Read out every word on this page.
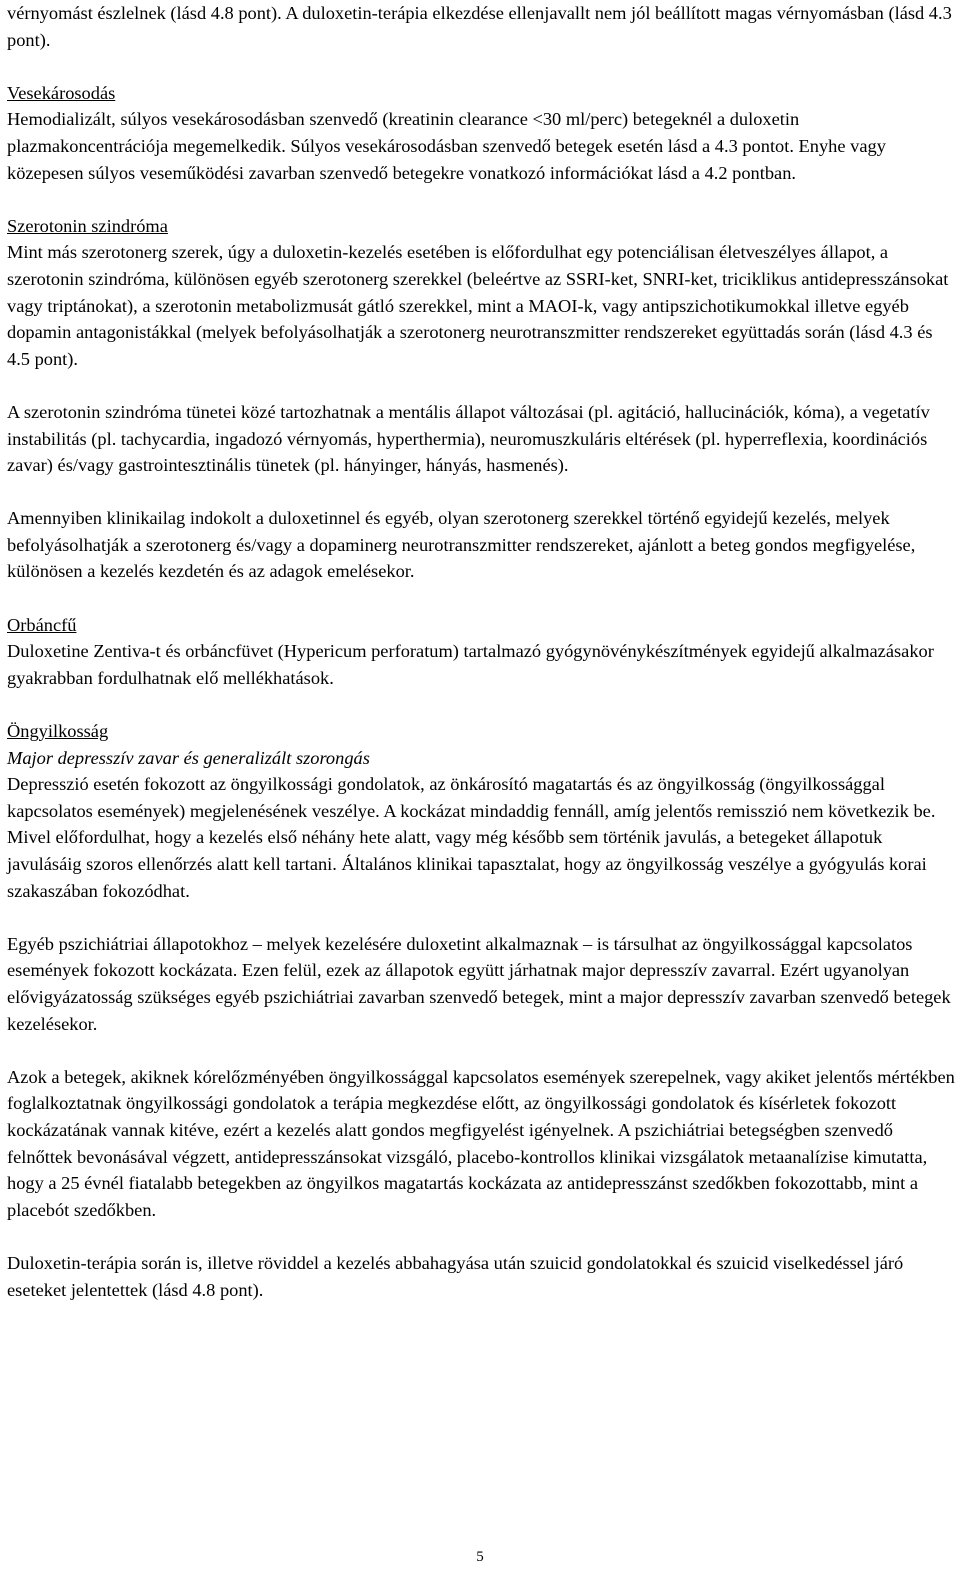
vérnyomást észlelnek (lásd 4.8 pont). A duloxetin-terápia elkezdése ellenjavallt nem jól beállított magas vérnyomásban (lásd 4.3 pont).

Vesekárosodás

Hemodializált, súlyos vesekárosodásban szenvedő (kreatinin clearance <30 ml/perc) betegeknél a duloxetin plazmakoncentrációja megemelkedik. Súlyos vesekárosodásban szenvedő betegek esetén lásd a 4.3 pontot. Enyhe vagy közepesen súlyos veseműködési zavarban szenvedő betegekre vonatkozó információkat lásd a 4.2 pontban.

Szerotonin szindróma

Mint más szerotonerg szerek, úgy a duloxetin-kezelés esetében is előfordulhat egy potenciálisan életveszélyes állapot, a szerotonin szindróma, különösen egyéb szerotonerg szerekkel (beleértve az SSRI-ket, SNRI-ket, triciklikus antidepresszánsokat vagy triptánokat), a szerotonin metabolizmusát gátló szerekkel, mint a MAOI-k, vagy antipszichotikumokkal illetve egyéb dopamin antagonistákkal (melyek befolyásolhatják a szerotonerg neurotranszmitter rendszereket együttadás során (lásd 4.3 és 4.5 pont).

A szerotonin szindróma tünetei közé tartozhatnak a mentális állapot változásai (pl. agitáció, hallucinációk, kóma), a vegetatív instabilitás (pl. tachycardia, ingadozó vérnyomás, hyperthermia), neuromuszkuláris eltérések (pl. hyperreflexia, koordinációs zavar) és/vagy gastrointesztinális tünetek (pl. hányinger, hányás, hasmenés).

Amennyiben klinikailag indokolt a duloxetinnel és egyéb, olyan szerotonerg szerekkel történő egyidejű kezelés, melyek befolyásolhatják a szerotonerg és/vagy a dopaminerg neurotranszmitter rendszereket, ajánlott a beteg gondos megfigyelése, különösen a kezelés kezdetén és az adagok emelésekor.

Orbáncfű

Duloxetine Zentiva-t és orbáncfüvet (Hypericum perforatum) tartalmazó gyógynövénykészítmények egyidejű alkalmazásakor gyakrabban fordulhatnak elő mellékhatások.

Öngyilkosság

Major depresszív zavar és generalizált szorongás

Depresszió esetén fokozott az öngyilkossági gondolatok, az önkárosító magatartás és az öngyilkosság (öngyilkossággal kapcsolatos események) megjelenésének veszélye. A kockázat mindaddig fennáll, amíg jelentős remisszió nem következik be. Mivel előfordulhat, hogy a kezelés első néhány hete alatt, vagy még később sem történik javulás, a betegeket állapotuk javulásáig szoros ellenőrzés alatt kell tartani. Általános klinikai tapasztalat, hogy az öngyilkosság veszélye a gyógyulás korai szakaszában fokozódhat.

Egyéb pszichiátriai állapotokhoz – melyek kezelésére duloxetint alkalmaznak – is társulhat az öngyilkossággal kapcsolatos események fokozott kockázata. Ezen felül, ezek az állapotok együtt járhatnak major depresszív zavarral. Ezért ugyanolyan elővigyázatosság szükséges egyéb pszichiátriai zavarban szenvedő betegek, mint a major depresszív zavarban szenvedő betegek kezelésekor.

Azok a betegek, akiknek kórelőzményében öngyilkossággal kapcsolatos események szerepelnek, vagy akiket jelentős mértékben foglalkoztatnak öngyilkossági gondolatok a terápia megkezdése előtt, az öngyilkossági gondolatok és kísérletek fokozott kockázatának vannak kitéve, ezért a kezelés alatt gondos megfigyelést igényelnek. A pszichiátriai betegségben szenvedő felnőttek bevonásával végzett, antidepresszánsokat vizsgáló, placebo-kontrollos klinikai vizsgálatok metaanalízise kimutatta, hogy a 25 évnél fiatalabb betegekben az öngyilkos magatartás kockázata az antidepresszánst szedőkben fokozottabb, mint a placebót szedőkben.

Duloxetin-terápia során is, illetve röviddel a kezelés abbahagyása után szuicid gondolatokkal és szuicid viselkedéssel járó eseteket jelentettek (lásd 4.8 pont).

5
